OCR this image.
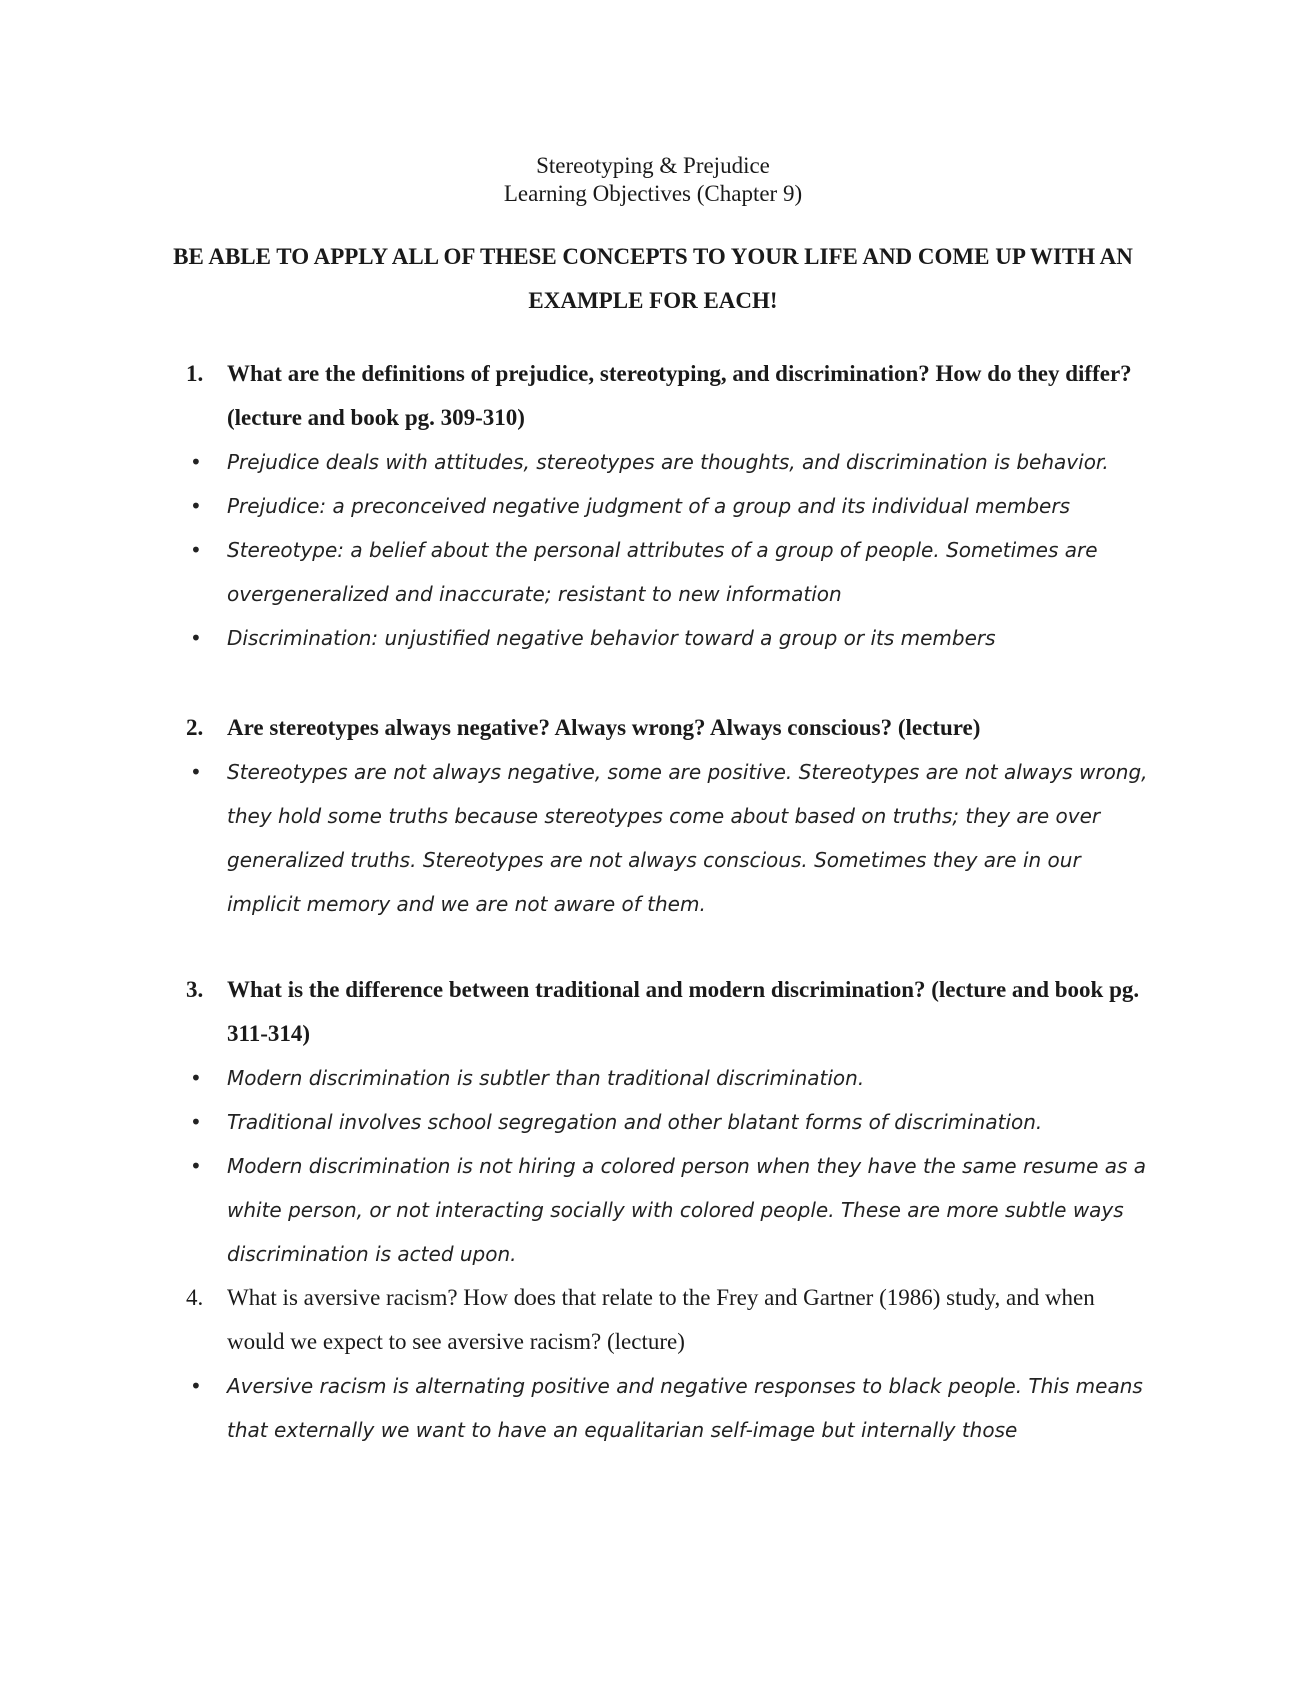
Stereotyping & Prejudice
Learning Objectives (Chapter 9)
BE ABLE TO APPLY ALL OF THESE CONCEPTS TO YOUR LIFE AND COME UP WITH AN EXAMPLE FOR EACH!
1. What are the definitions of prejudice, stereotyping, and discrimination? How do they differ? (lecture and book pg. 309-310)
• Prejudice deals with attitudes, stereotypes are thoughts, and discrimination is behavior.
• Prejudice: a preconceived negative judgment of a group and its individual members
• Stereotype: a belief about the personal attributes of a group of people. Sometimes are overgeneralized and inaccurate; resistant to new information
• Discrimination: unjustified negative behavior toward a group or its members
2. Are stereotypes always negative? Always wrong? Always conscious? (lecture)
• Stereotypes are not always negative, some are positive. Stereotypes are not always wrong, they hold some truths because stereotypes come about based on truths; they are over generalized truths. Stereotypes are not always conscious. Sometimes they are in our implicit memory and we are not aware of them.
3. What is the difference between traditional and modern discrimination? (lecture and book pg. 311-314)
• Modern discrimination is subtler than traditional discrimination.
• Traditional involves school segregation and other blatant forms of discrimination.
• Modern discrimination is not hiring a colored person when they have the same resume as a white person, or not interacting socially with colored people. These are more subtle ways discrimination is acted upon.
4. What is aversive racism? How does that relate to the Frey and Gartner (1986) study, and when would we expect to see aversive racism? (lecture)
• Aversive racism is alternating positive and negative responses to black people. This means that externally we want to have an equalitarian self-image but internally those
